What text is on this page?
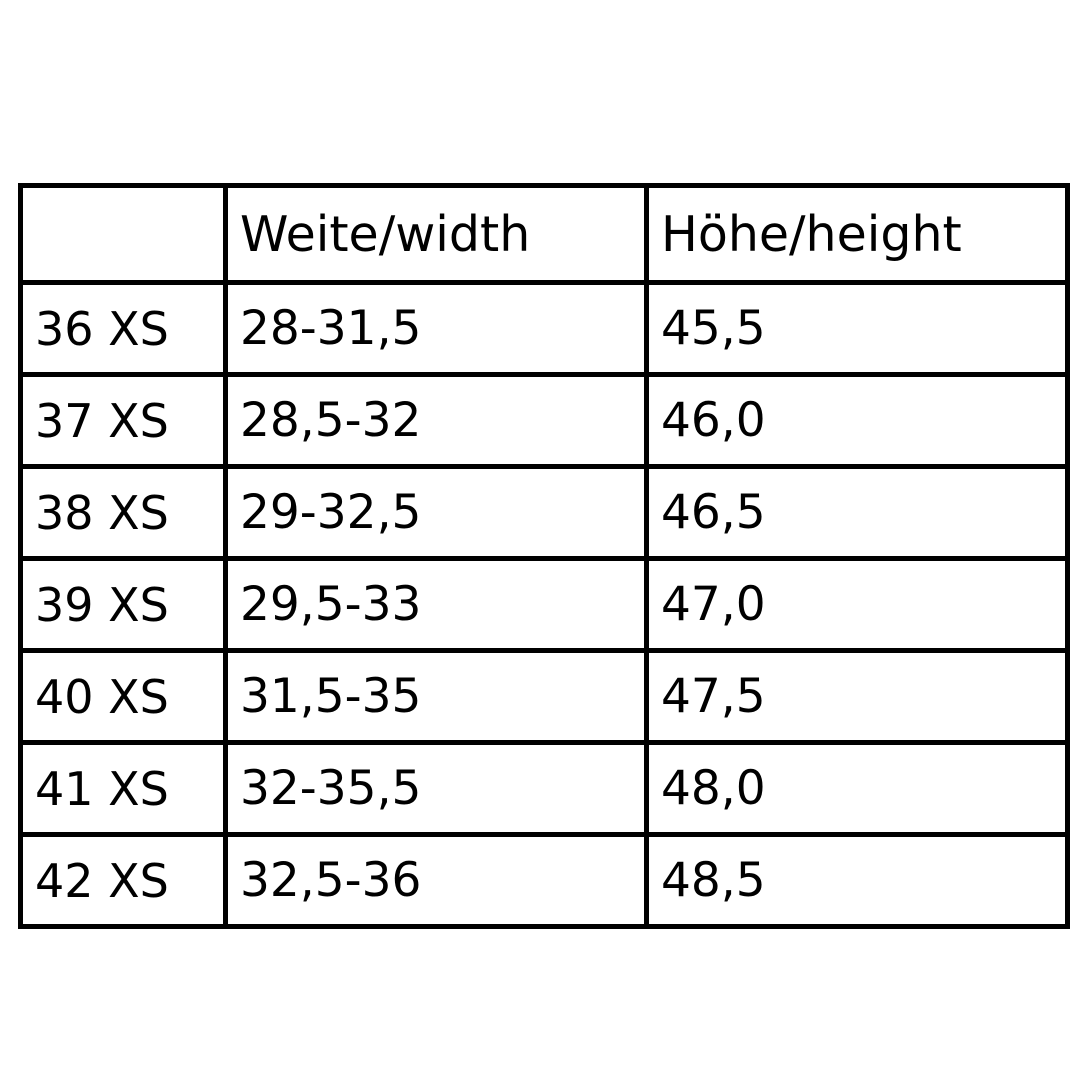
	Weite/width	Höhe/height
36 XS	28-31,5	45,5
37 XS	28,5-32	46,0
38 XS	29-32,5	46,5
39 XS	29,5-33	47,0
40 XS	31,5-35	47,5
41 XS	32-35,5	48,0
42 XS	32,5-36	48,5
